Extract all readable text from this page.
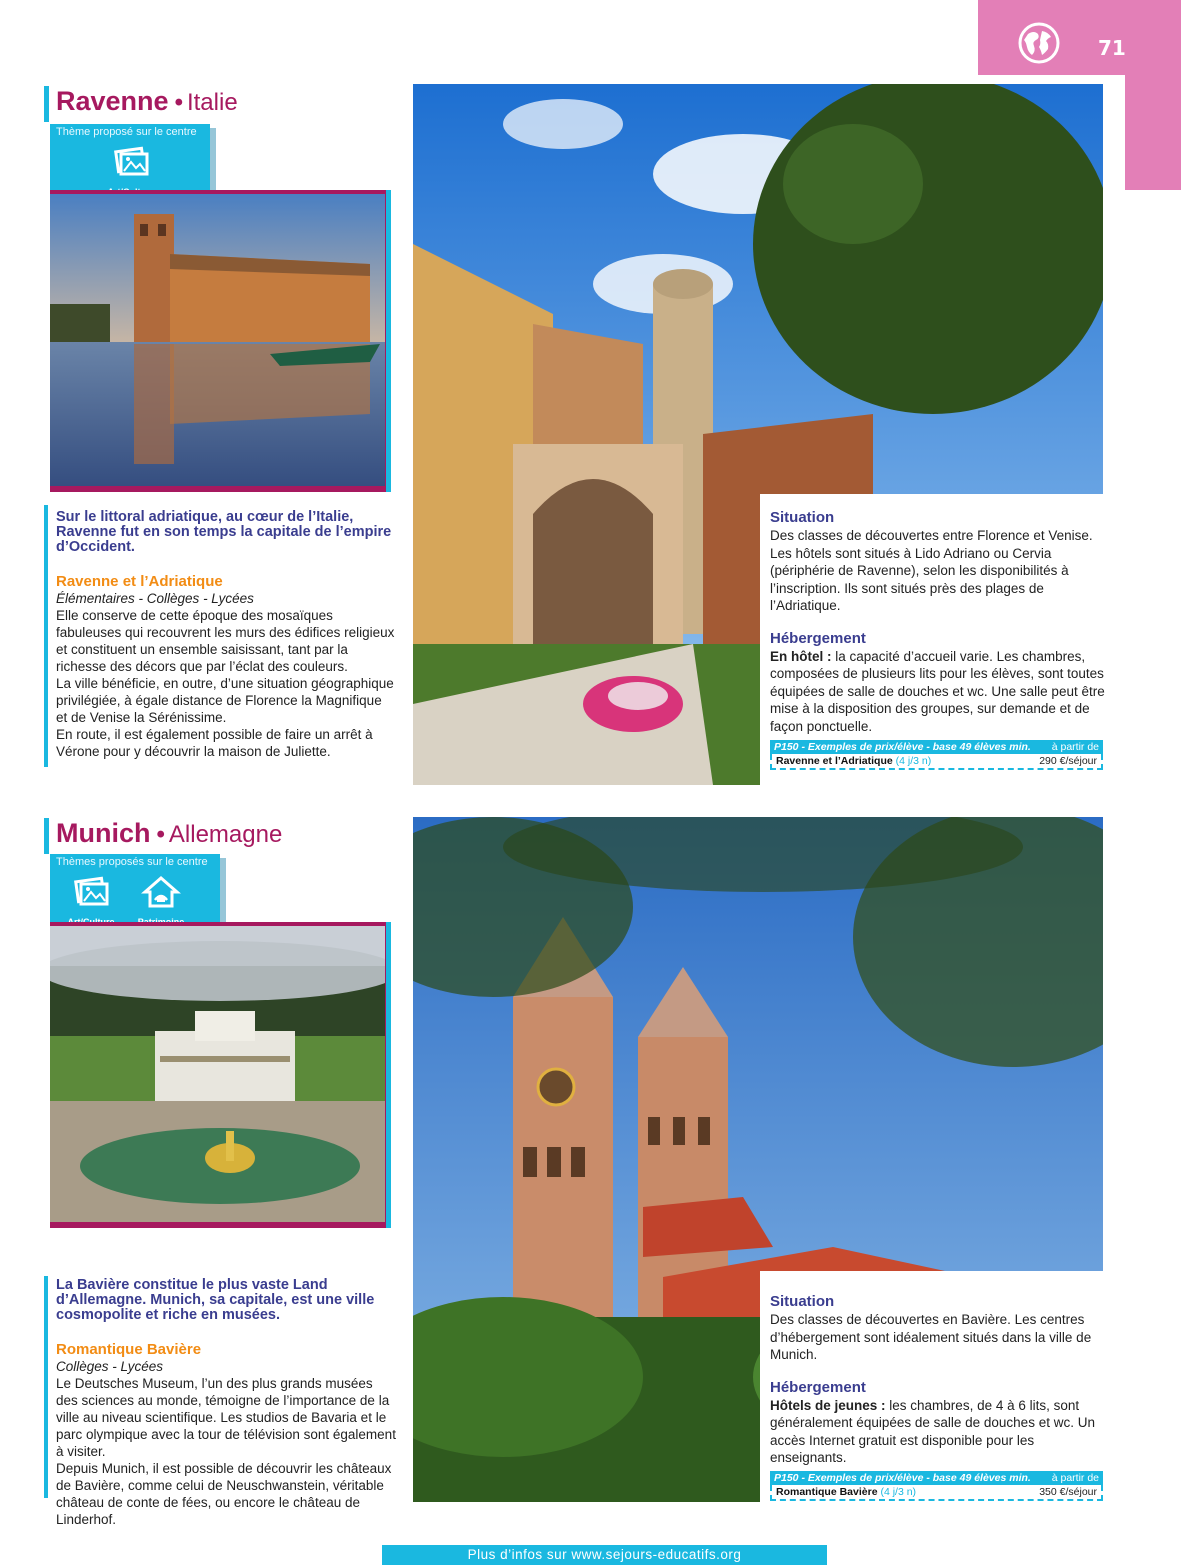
71
Ravenne • Italie
Thème proposé sur le centre

Sur le littoral adriatique, au cœur de l’Italie, Ravenne fut en son temps la capitale de l’empire d’Occident.

Ravenne et l’Adriatique

Élémentaires - Collèges - Lycées

Elle conserve de cette époque des mosaïques fabuleuses qui recouvrent les murs des édifices religieux et constituent un ensemble saisissant, tant par la richesse des décors que par l’éclat des couleurs.

La ville bénéficie, en outre, d’une situation géographique privilégiée, à égale distance de Florence la Magnifique et de Venise la Sérénissime.

En route, il est également possible de faire un arrêt à Vérone pour y découvrir la maison de Juliette.

Situation

Des classes de découvertes entre Florence et Venise. Les hôtels sont situés à Lido Adriano ou Cervia (périphérie de Ravenne), selon les disponibilités à l’inscription. Ils sont situés près des plages de l’Adriatique.

Hébergement

En hôtel : la capacité d’accueil varie. Les chambres, composées de plusieurs lits pour les élèves, sont toutes équipées de salle de douches et wc. Une salle peut être mise à la disposition des groupes, sur demande et de façon ponctuelle.

P150 - Exemples de prix/élève - base 49 élèves min. à partir de
Ravenne et l’Adriatique (4 j/3 n)	290 €/séjour
Munich • Allemagne
Thèmes proposés sur le centre

La Bavière constitue le plus vaste Land d’Allemagne. Munich, sa capitale, est une ville cosmopolite et riche en musées.

Romantique Bavière

Collèges - Lycées

Le Deutsches Museum, l’un des plus grands musées des sciences au monde, témoigne de l’importance de la ville au niveau scientifique. Les studios de Bavaria et le parc olympique avec la tour de télévision sont également à visiter.

Depuis Munich, il est possible de découvrir les châteaux de Bavière, comme celui de Neuschwanstein, véritable château de conte de fées, ou encore le château de Linderhof.

Situation

Des classes de découvertes en Bavière. Les centres d’hébergement sont idéalement situés dans la ville de Munich.

Hébergement

Hôtels de jeunes : les chambres, de 4 à 6 lits, sont généralement équipées de salle de douches et wc. Un accès Internet gratuit est disponible pour les enseignants.

P150 - Exemples de prix/élève - base 49 élèves min. à partir de
Romantique Bavière (4 j/3 n)	350 €/séjour
Plus d’infos sur www.sejours-educatifs.org
